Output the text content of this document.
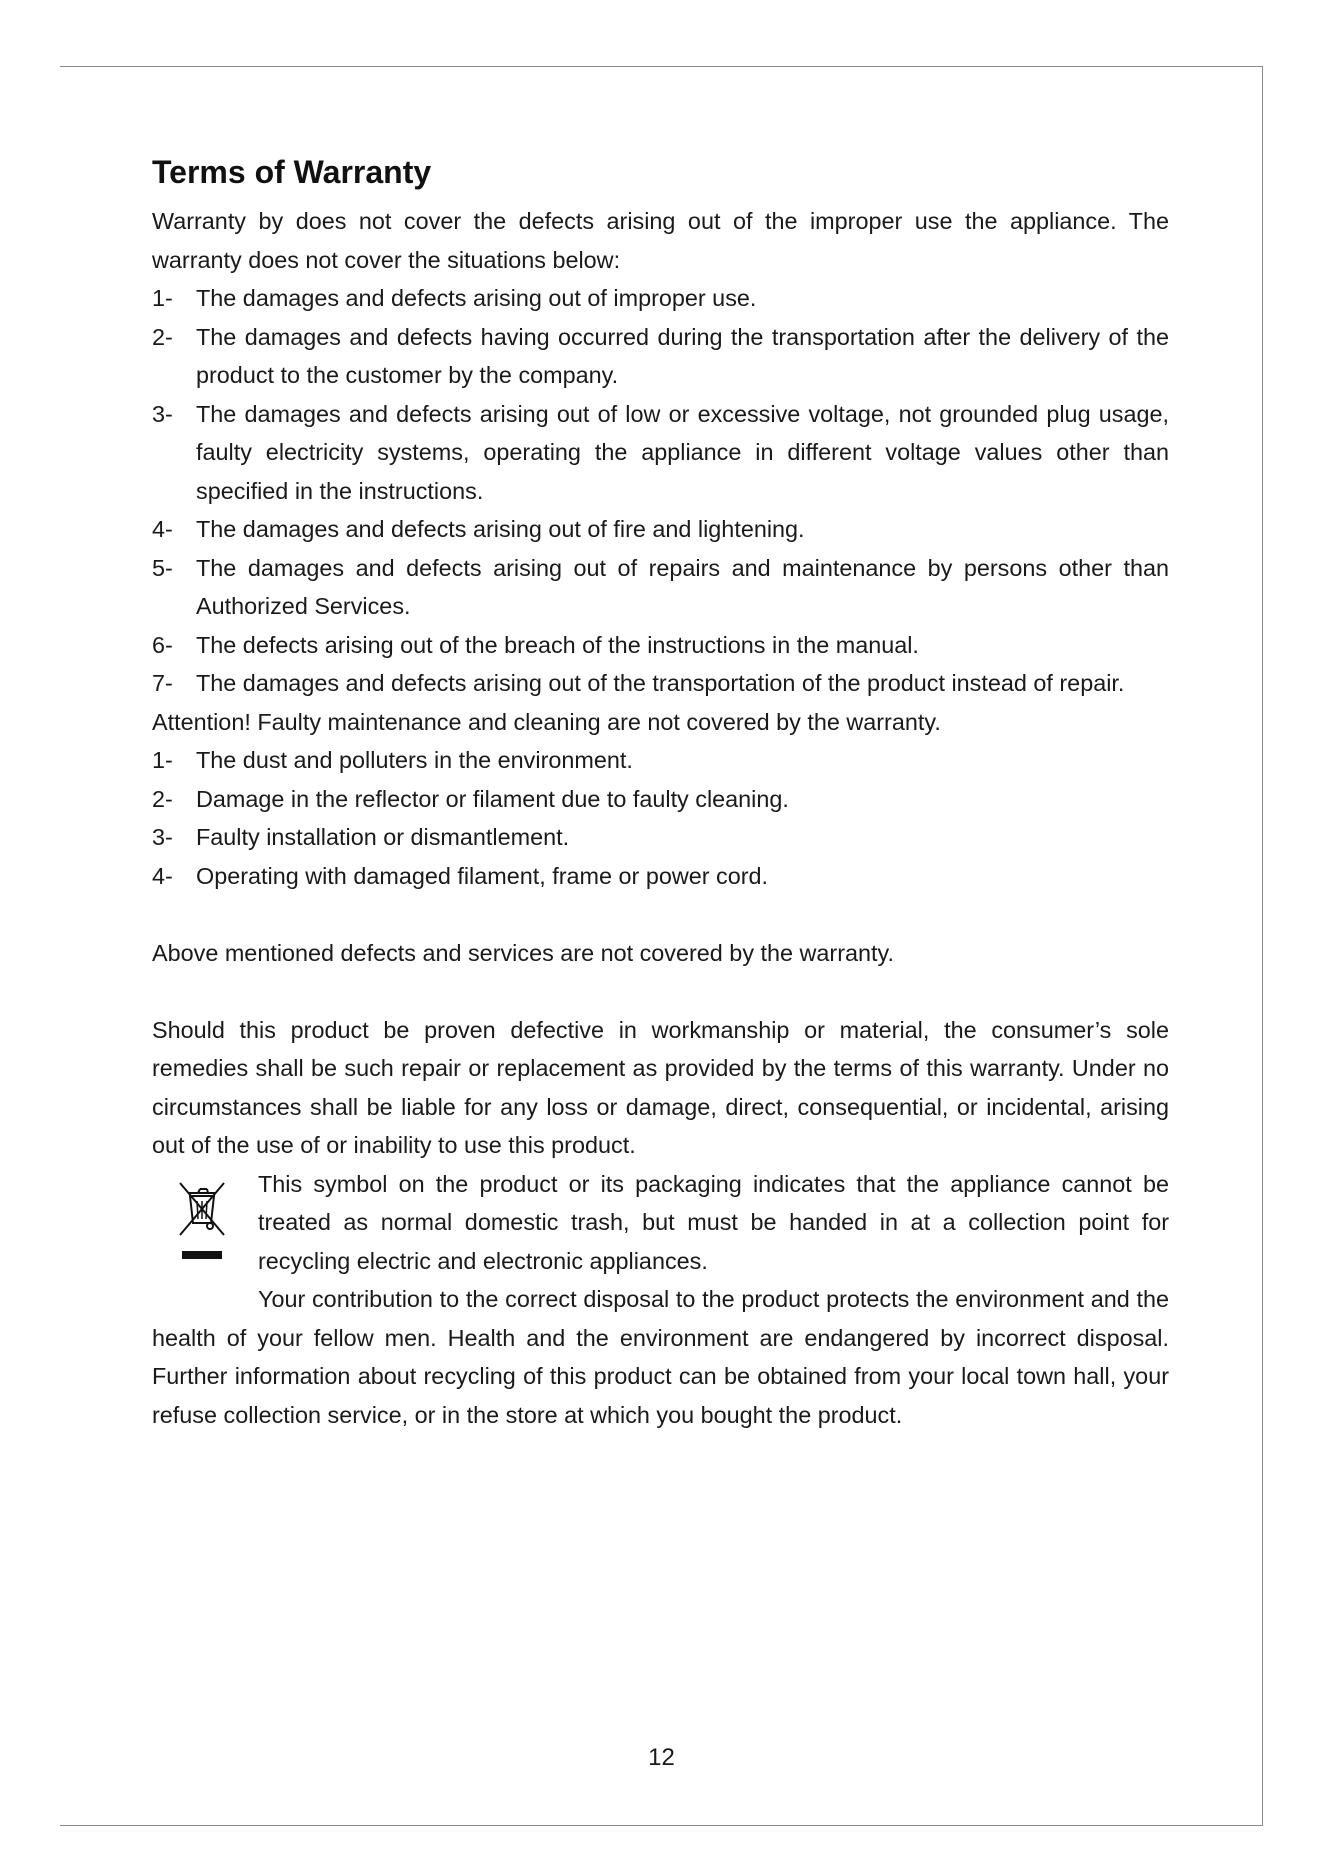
Terms of Warranty

Warranty by does not cover the defects arising out of the improper use the appliance. The warranty does not cover the situations below:

1- The damages and defects arising out of improper use.
2- The damages and defects having occurred during the transportation after the delivery of the product to the customer by the company.
3- The damages and defects arising out of low or excessive voltage, not grounded plug usage, faulty electricity systems, operating the appliance in different voltage values other than specified in the instructions.
4- The damages and defects arising out of fire and lightening.
5- The damages and defects arising out of repairs and maintenance by persons other than Authorized Services.
6- The defects arising out of the breach of the instructions in the manual.
7- The damages and defects arising out of the transportation of the product instead of repair.

Attention! Faulty maintenance and cleaning are not covered by the warranty.

1- The dust and polluters in the environment.
2- Damage in the reflector or filament due to faulty cleaning.
3- Faulty installation or dismantlement.
4- Operating with damaged filament, frame or power cord.

Above mentioned defects and services are not covered by the warranty.

Should this product be proven defective in workmanship or material, the consumer’s sole remedies shall be such repair or replacement as provided by the terms of this warranty. Under no circumstances shall be liable for any loss or damage, direct, consequential, or incidental, arising out of the use of or inability to use this product.

This symbol on the product or its packaging indicates that the appliance cannot be treated as normal domestic trash, but must be handed in at a collection point for recycling electric and electronic appliances.

Your contribution to the correct disposal to the product protects the environment and the health of your fellow men. Health and the environment are endangered by incorrect disposal. Further information about recycling of this product can be obtained from your local town hall, your refuse collection service, or in the store at which you bought the product.

12
